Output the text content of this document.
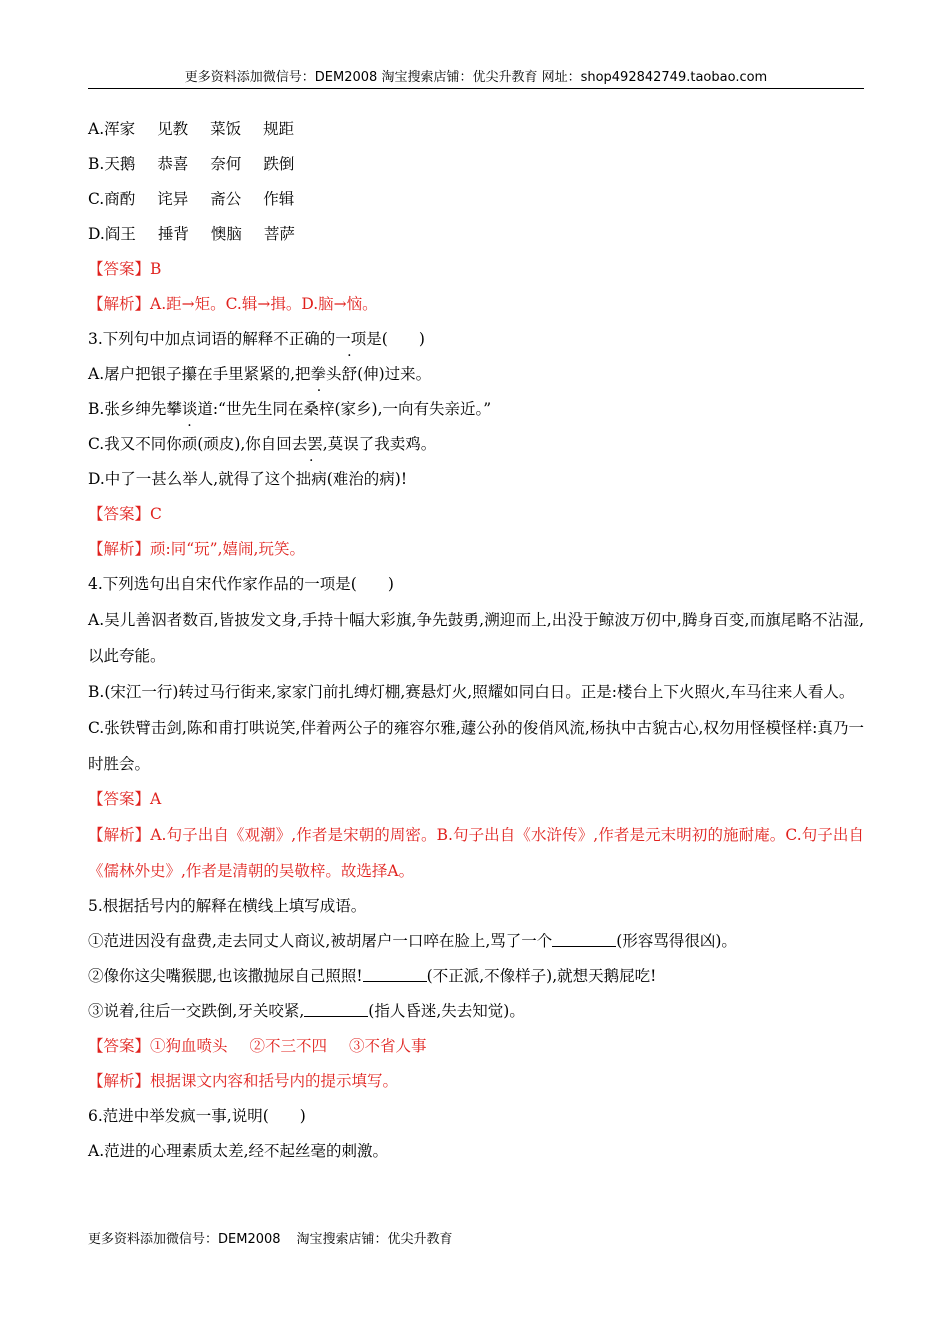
更多资料添加微信号：DEM2008 淘宝搜索店铺：优尖升教育 网址：shop492842749.taobao.com
A.浑家 见教 菜饭 规距
B.天鹅 恭喜 奈何 跌倒
C.商酌 诧异 斋公 作辑
D.阎王 捶背 懊脑 菩萨
【答案】B
【解析】A.距→矩。C.辑→揖。D.脑→恼。
3.下列句中加点词语的解释不正确的一项是(　　)
A.屠户把银子攥在手里紧紧的,把拳头舒(伸)过来。
B.张乡绅先攀谈道:“世先生同在桑梓(家乡),一向有失亲近。”
C.我又不同你顽(顽皮),你自回去罢,莫误了我卖鸡。
D.中了一甚么举人,就得了这个拙病(难治的病)!
【答案】C
【解析】顽:同“玩”,嬉闹,玩笑。
4.下列选句出自宋代作家作品的一项是(　　)
A.吴儿善泅者数百,皆披发文身,手持十幅大彩旗,争先鼓勇,溯迎而上,出没于鲸波万仞中,腾身百变,而旗尾略不沾湿,以此夸能。
B.(宋江一行)转过马行街来,家家门前扎缚灯棚,赛悬灯火,照耀如同白日。正是:楼台上下火照火,车马往来人看人。
C.张铁臂击剑,陈和甫打哄说笑,伴着两公子的雍容尔雅,蘧公孙的俊俏风流,杨执中古貌古心,权勿用怪模怪样:真乃一时胜会。
【答案】A
【解析】A.句子出自《观潮》,作者是宋朝的周密。B.句子出自《水浒传》,作者是元末明初的施耐庵。C.句子出自《儒林外史》,作者是清朝的吴敬梓。故选择A。
5.根据括号内的解释在横线上填写成语。
①范进因没有盘费,走去同丈人商议,被胡屠户一口啐在脸上,骂了一个	(形容骂得很凶)。
②像你这尖嘴猴腮,也该撒抛尿自己照照!	(不正派,不像样子),就想天鹅屁吃!
③说着,往后一交跌倒,牙关咬紧,	(指人昏迷,失去知觉)。
【答案】①狗血喷头 ②不三不四 ③不省人事
【解析】根据课文内容和括号内的提示填写。
6.范进中举发疯一事,说明(　　)
A.范进的心理素质太差,经不起丝毫的刺激。
更多资料添加微信号：DEM2008 淘宝搜索店铺：优尖升教育
